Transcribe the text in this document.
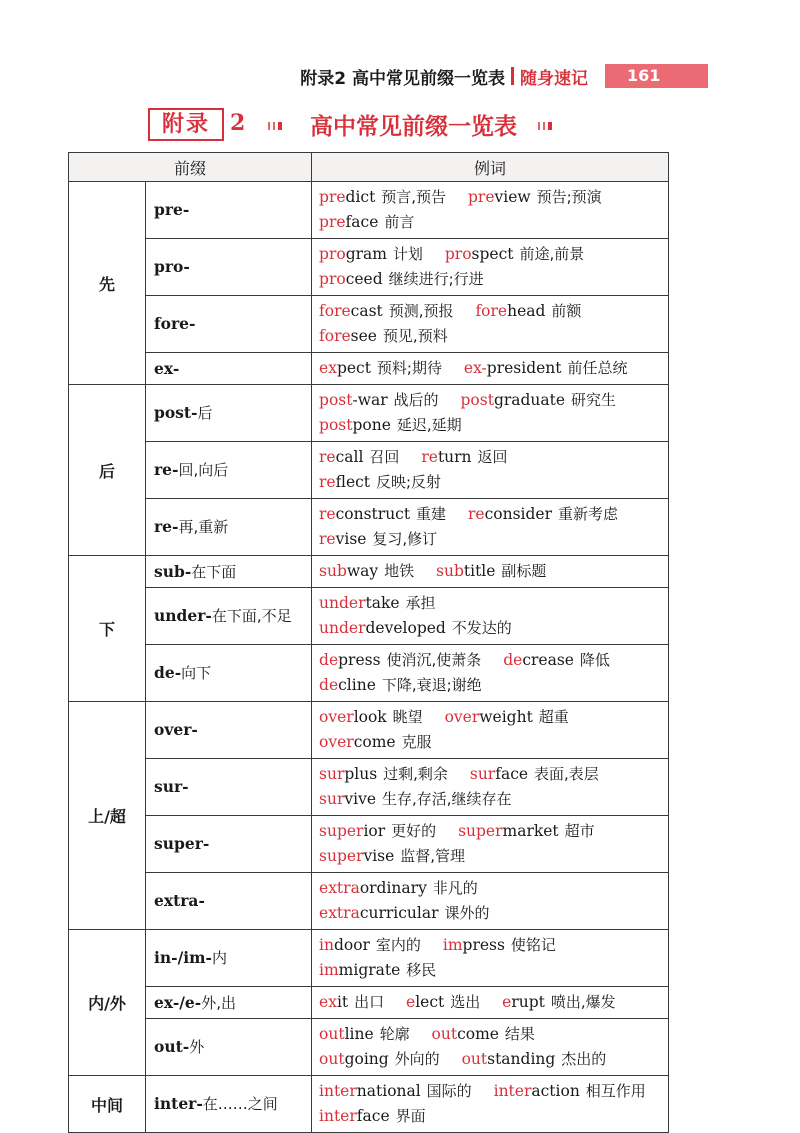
附录2 高中常见前缀一览表 随身速记	161
附录 2	高中常见前缀一览表
前缀		例词
先	pre-	predict 预言,预告 preview 预告;预演 preface 前言
	pro-	program 计划 prospect 前途,前景 proceed 继续进行;行进
	fore-	forecast 预测,预报 forehead 前额 foresee 预见,预料
	ex-	expect 预料;期待 ex-president 前任总统
后	post-后	post-war 战后的 postgraduate 研究生 postpone 延迟,延期
	re-回,向后	recall 召回 return 返回 reflect 反映;反射
	re-再,重新	reconstruct 重建 reconsider 重新考虑 revise 复习,修订
下	sub-在下面	subway 地铁 subtitle 副标题
	under-在下面,不足	undertake 承担 underdeveloped 不发达的
	de-向下	depress 使消沉,使萧条 decrease 降低 decline 下降,衰退;谢绝
上/超	over-	overlook 眺望 overweight 超重 overcome 克服
	sur-	surplus 过剩,剩余 surface 表面,表层 survive 生存,存活,继续存在
	super-	superior 更好的 supermarket 超市 supervise 监督,管理
	extra-	extraordinary 非凡的 extracurricular 课外的
内/外	in-/im-内	indoor 室内的 impress 使铭记 immigrate 移民
	ex-/e-外,出	exit 出口 elect 选出 erupt 喷出,爆发
	out-外	outline 轮廓 outcome 结果 outgoing 外向的 outstanding 杰出的
中间	inter-在……之间	international 国际的 interaction 相互作用 interface 界面
